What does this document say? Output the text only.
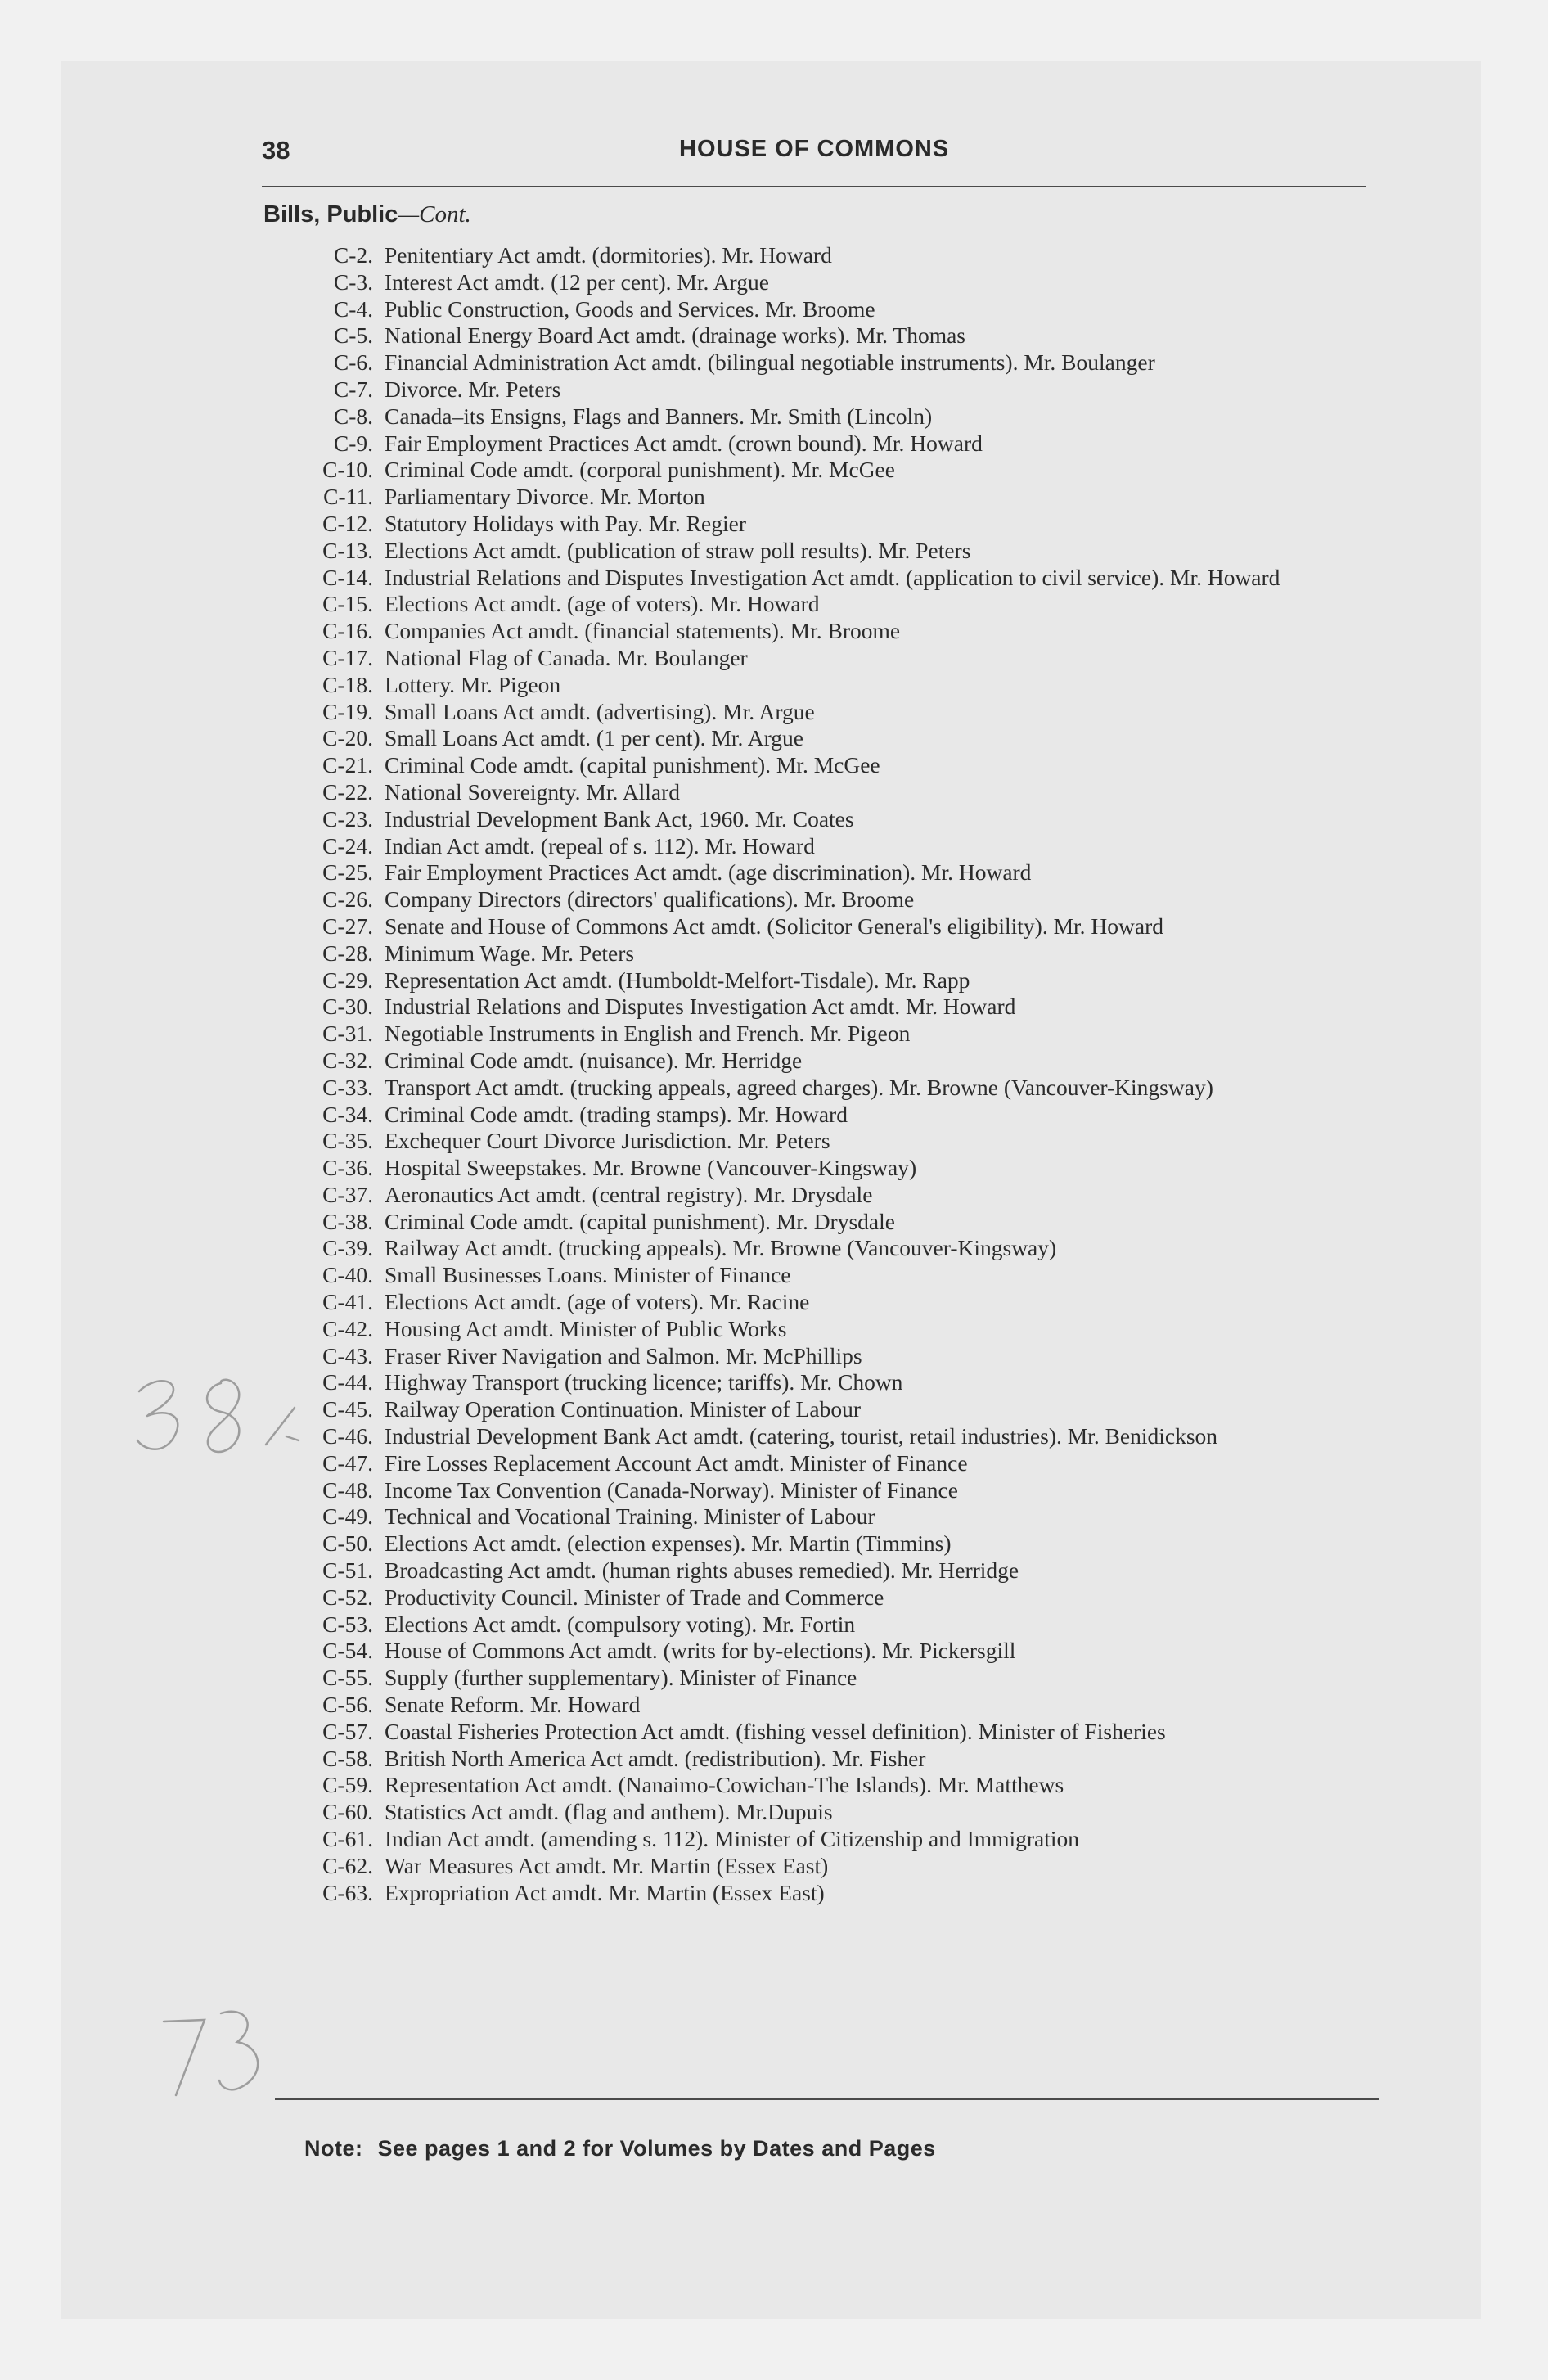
38	HOUSE OF COMMONS
Bills, Public—Cont.
C-2. Penitentiary Act amdt. (dormitories). Mr. Howard
C-3. Interest Act amdt. (12 per cent). Mr. Argue
C-4. Public Construction, Goods and Services. Mr. Broome
C-5. National Energy Board Act amdt. (drainage works). Mr. Thomas
C-6. Financial Administration Act amdt. (bilingual negotiable instruments). Mr. Boulanger
C-7. Divorce. Mr. Peters
C-8. Canada–its Ensigns, Flags and Banners. Mr. Smith (Lincoln)
C-9. Fair Employment Practices Act amdt. (crown bound). Mr. Howard
C-10. Criminal Code amdt. (corporal punishment). Mr. McGee
C-11. Parliamentary Divorce. Mr. Morton
C-12. Statutory Holidays with Pay. Mr. Regier
C-13. Elections Act amdt. (publication of straw poll results). Mr. Peters
C-14. Industrial Relations and Disputes Investigation Act amdt. (application to civil service). Mr. Howard
C-15. Elections Act amdt. (age of voters). Mr. Howard
C-16. Companies Act amdt. (financial statements). Mr. Broome
C-17. National Flag of Canada. Mr. Boulanger
C-18. Lottery. Mr. Pigeon
C-19. Small Loans Act amdt. (advertising). Mr. Argue
C-20. Small Loans Act amdt. (1 per cent). Mr. Argue
C-21. Criminal Code amdt. (capital punishment). Mr. McGee
C-22. National Sovereignty. Mr. Allard
C-23. Industrial Development Bank Act, 1960. Mr. Coates
C-24. Indian Act amdt. (repeal of s. 112). Mr. Howard
C-25. Fair Employment Practices Act amdt. (age discrimination). Mr. Howard
C-26. Company Directors (directors' qualifications). Mr. Broome
C-27. Senate and House of Commons Act amdt. (Solicitor General's eligibility). Mr. Howard
C-28. Minimum Wage. Mr. Peters
C-29. Representation Act amdt. (Humboldt-Melfort-Tisdale). Mr. Rapp
C-30. Industrial Relations and Disputes Investigation Act amdt. Mr. Howard
C-31. Negotiable Instruments in English and French. Mr. Pigeon
C-32. Criminal Code amdt. (nuisance). Mr. Herridge
C-33. Transport Act amdt. (trucking appeals, agreed charges). Mr. Browne (Vancouver-Kingsway)
C-34. Criminal Code amdt. (trading stamps). Mr. Howard
C-35. Exchequer Court Divorce Jurisdiction. Mr. Peters
C-36. Hospital Sweepstakes. Mr. Browne (Vancouver-Kingsway)
C-37. Aeronautics Act amdt. (central registry). Mr. Drysdale
C-38. Criminal Code amdt. (capital punishment). Mr. Drysdale
C-39. Railway Act amdt. (trucking appeals). Mr. Browne (Vancouver-Kingsway)
C-40. Small Businesses Loans. Minister of Finance
C-41. Elections Act amdt. (age of voters). Mr. Racine
C-42. Housing Act amdt. Minister of Public Works
C-43. Fraser River Navigation and Salmon. Mr. McPhillips
C-44. Highway Transport (trucking licence; tariffs). Mr. Chown
C-45. Railway Operation Continuation. Minister of Labour
C-46. Industrial Development Bank Act amdt. (catering, tourist, retail industries). Mr. Benidickson
C-47. Fire Losses Replacement Account Act amdt. Minister of Finance
C-48. Income Tax Convention (Canada-Norway). Minister of Finance
C-49. Technical and Vocational Training. Minister of Labour
C-50. Elections Act amdt. (election expenses). Mr. Martin (Timmins)
C-51. Broadcasting Act amdt. (human rights abuses remedied). Mr. Herridge
C-52. Productivity Council. Minister of Trade and Commerce
C-53. Elections Act amdt. (compulsory voting). Mr. Fortin
C-54. House of Commons Act amdt. (writs for by-elections). Mr. Pickersgill
C-55. Supply (further supplementary). Minister of Finance
C-56. Senate Reform. Mr. Howard
C-57. Coastal Fisheries Protection Act amdt. (fishing vessel definition). Minister of Fisheries
C-58. British North America Act amdt. (redistribution). Mr. Fisher
C-59. Representation Act amdt. (Nanaimo-Cowichan-The Islands). Mr. Matthews
C-60. Statistics Act amdt. (flag and anthem). Mr.Dupuis
C-61. Indian Act amdt. (amending s. 112). Minister of Citizenship and Immigration
C-62. War Measures Act amdt. Mr. Martin (Essex East)
C-63. Expropriation Act amdt. Mr. Martin (Essex East)
Note: See pages 1 and 2 for Volumes by Dates and Pages
